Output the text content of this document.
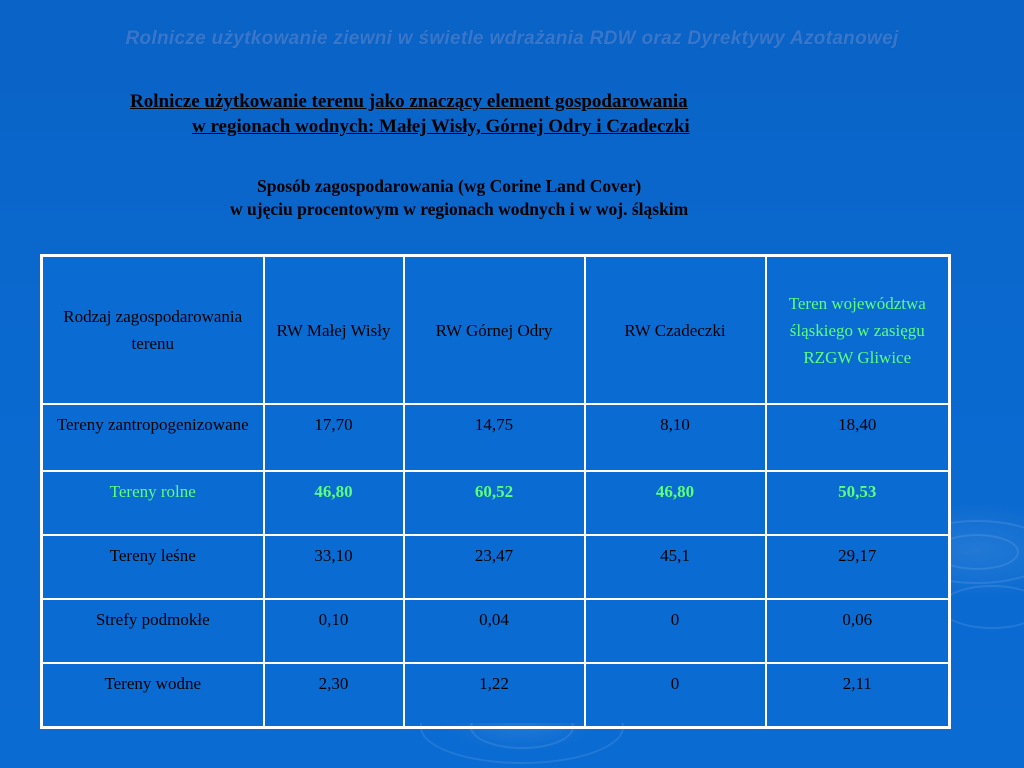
Rolnicze użytkowanie ziewni w świetle wdrażania RDW oraz Dyrektywy Azotanowej
Rolnicze użytkowanie terenu jako znaczący element gospodarowania
w regionach wodnych: Małej Wisły, Górnej Odry i Czadeczki
Sposób zagospodarowania (wg Corine Land Cover)
w ujęciu procentowym w regionach wodnych i w woj. śląskim
Rodzaj zagospodarowania terenu	RW Małej Wisły	RW Górnej Odry	RW Czadeczki	Teren województwa śląskiego w zasięgu RZGW Gliwice
Tereny zantropogenizowane	17,70	14,75	8,10	18,40
Tereny rolne	46,80	60,52	46,80	50,53
Tereny leśne	33,10	23,47	45,1	29,17
Strefy podmokłe	0,10	0,04	0	0,06
Tereny wodne	2,30	1,22	0	2,11
